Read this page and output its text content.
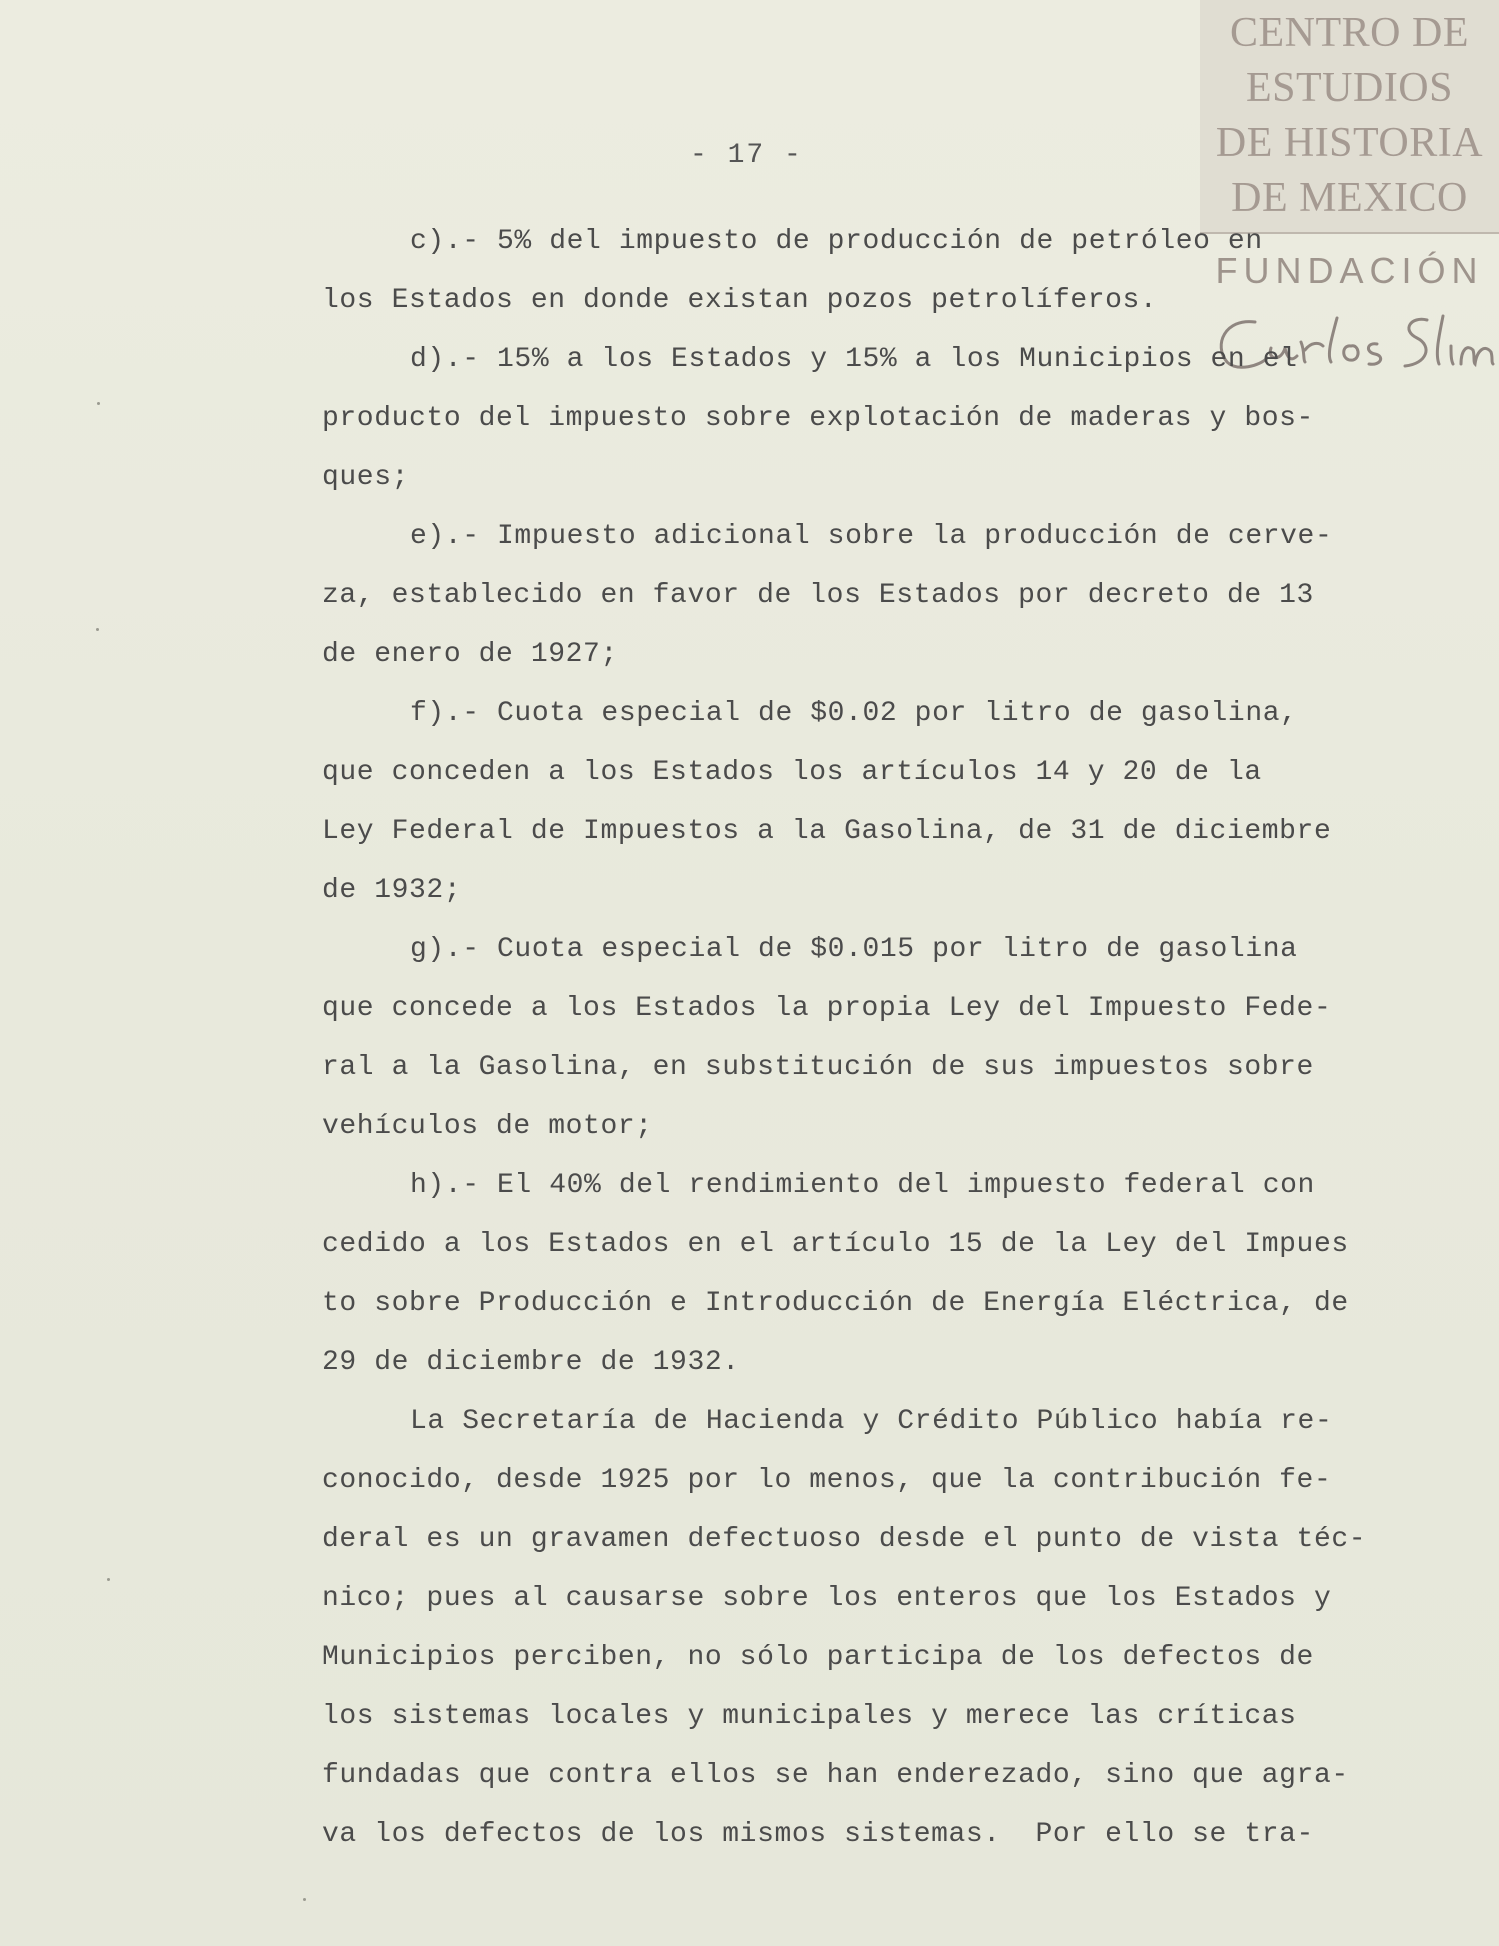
CENTRO DE
ESTUDIOS
DE HISTORIA
DE MEXICO
FUNDACIÓN
- 17 -
c).- 5% del impuesto de producción de petróleo en
los Estados en donde existan pozos petrolíferos.
d).- 15% a los Estados y 15% a los Municipios en el
producto del impuesto sobre explotación de maderas y bos-
ques;
e).- Impuesto adicional sobre la producción de cerve-
za, establecido en favor de los Estados por decreto de 13
de enero de 1927;
f).- Cuota especial de $0.02 por litro de gasolina,
que conceden a los Estados los artículos 14 y 20 de la
Ley Federal de Impuestos a la Gasolina, de 31 de diciembre
de 1932;
g).- Cuota especial de $0.015 por litro de gasolina
que concede a los Estados la propia Ley del Impuesto Fede-
ral a la Gasolina, en substitución de sus impuestos sobre
vehículos de motor;
h).- El 40% del rendimiento del impuesto federal con
cedido a los Estados en el artículo 15 de la Ley del Impues
to sobre Producción e Introducción de Energía Eléctrica, de
29 de diciembre de 1932.
La Secretaría de Hacienda y Crédito Público había re-
conocido, desde 1925 por lo menos, que la contribución fe-
deral es un gravamen defectuoso desde el punto de vista téc-
nico; pues al causarse sobre los enteros que los Estados y
Municipios perciben, no sólo participa de los defectos de
los sistemas locales y municipales y merece las críticas
fundadas que contra ellos se han enderezado, sino que agra-
va los defectos de los mismos sistemas.  Por ello se tra-
